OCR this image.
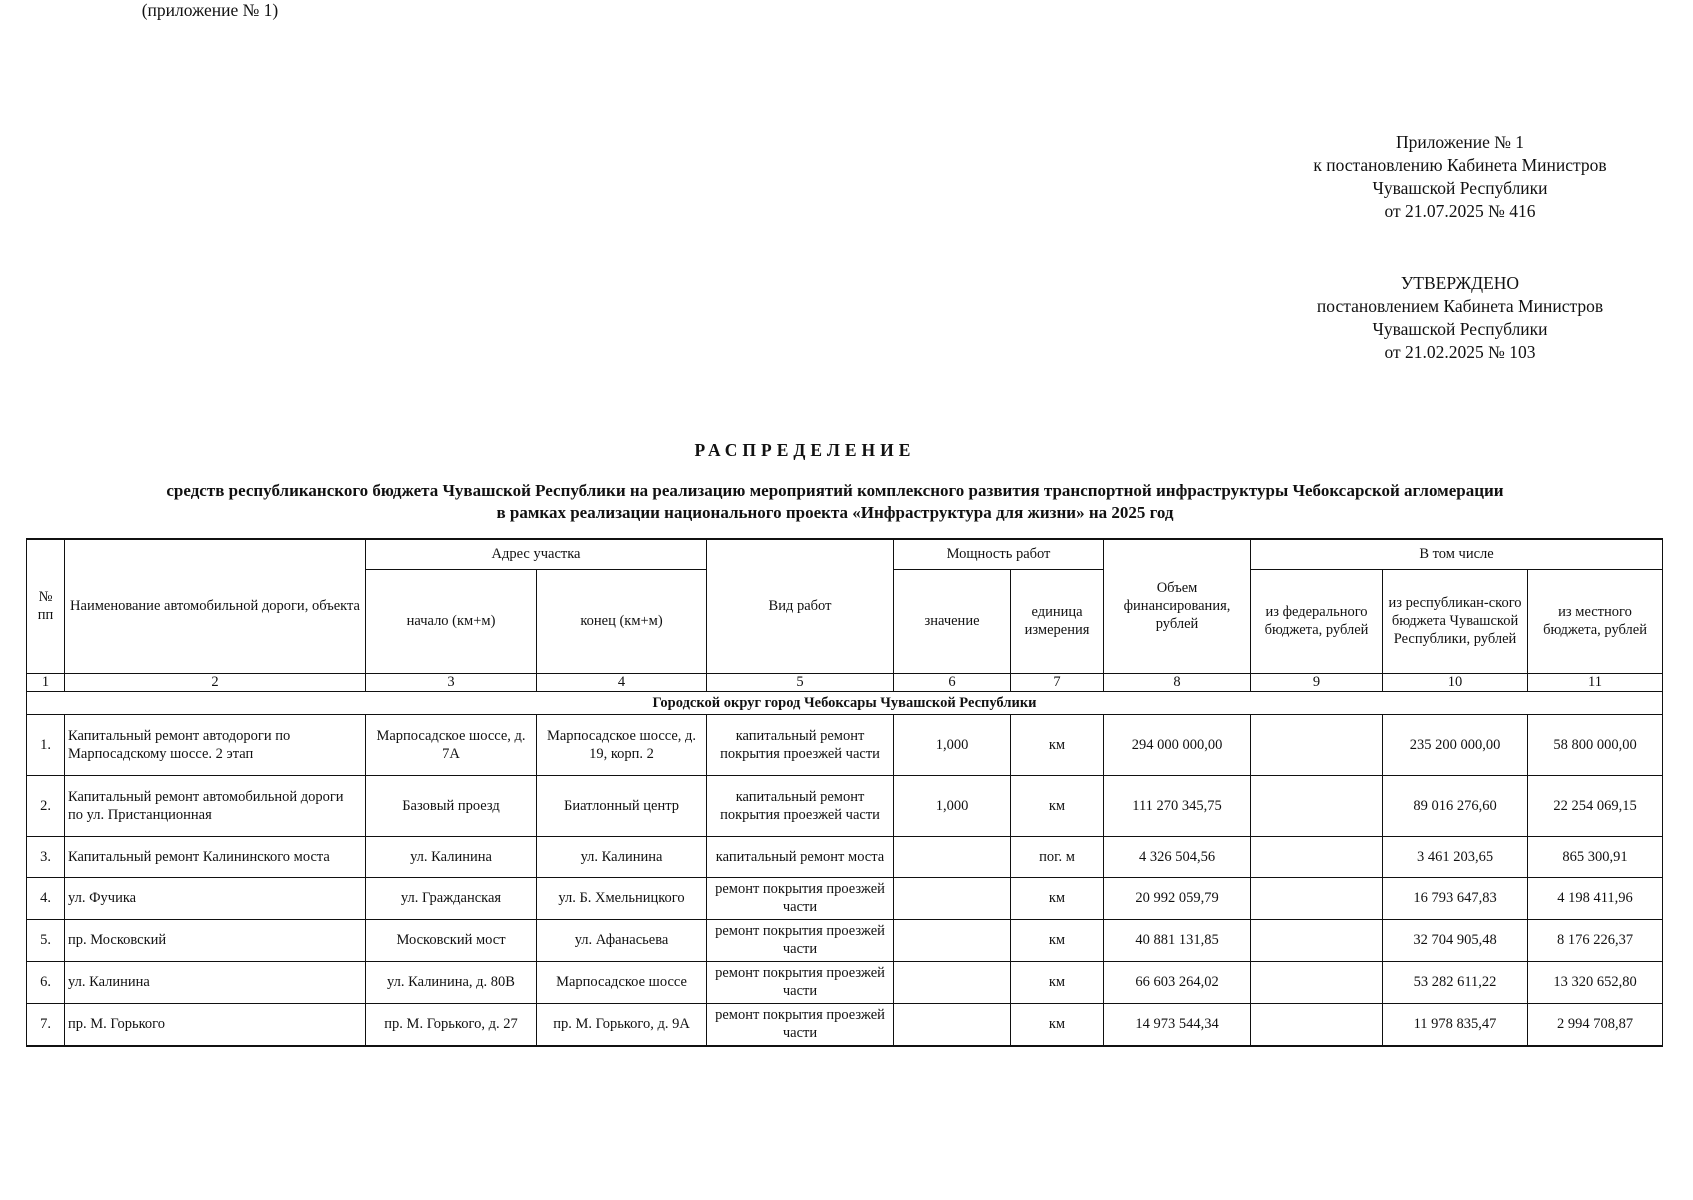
Приложение № 1
к постановлению Кабинета Министров
Чувашской Республики
от 21.07.2025 № 416
УТВЕРЖДЕНО
постановлением Кабинета Министров
Чувашской Республики
от 21.02.2025 № 103
(приложение № 1)
РАСПРЕДЕЛЕНИЕ
средств республиканского бюджета Чувашской Республики на реализацию мероприятий комплексного развития транспортной инфраструктуры Чебоксарской агломерации
в рамках реализации национального проекта «Инфраструктура для жизни» на 2025 год
№ пп	Наименование автомобильной дороги, объекта	Адрес участка		Вид работ	Мощность работ		Объем финансирования, рублей	В том числе		
		начало (км+м)	конец (км+м)		значение	единица измерения		из федерального бюджета, рублей	из республикан-ского бюджета Чувашской Республики, рублей	из местного бюджета, рублей
1	2	3	4	5	6	7	8	9	10	11
Городской округ город Чебоксары Чувашской Республики										
1.	Капитальный ремонт автодороги по Марпосадскому шоссе. 2 этап	Марпосадское шоссе, д. 7А	Марпосадское шоссе, д. 19, корп. 2	капитальный ремонт покрытия проезжей части	1,000	км	294 000 000,00		235 200 000,00	58 800 000,00
2.	Капитальный ремонт автомобильной дороги по ул. Пристанционная	Базовый проезд	Биатлонный центр	капитальный ремонт покрытия проезжей части	1,000	км	111 270 345,75		89 016 276,60	22 254 069,15
3.	Капитальный ремонт Калининского моста	ул. Калинина	ул. Калинина	капитальный ремонт моста		пог. м	4 326 504,56		3 461 203,65	865 300,91
4.	ул. Фучика	ул. Гражданская	ул. Б. Хмельницкого	ремонт покрытия проезжей части		км	20 992 059,79		16 793 647,83	4 198 411,96
5.	пр. Московский	Московский мост	ул. Афанасьева	ремонт покрытия проезжей части		км	40 881 131,85		32 704 905,48	8 176 226,37
6.	ул. Калинина	ул. Калинина, д. 80В	Марпосадское шоссе	ремонт покрытия проезжей части		км	66 603 264,02		53 282 611,22	13 320 652,80
7.	пр. М. Горького	пр. М. Горького, д. 27	пр. М. Горького, д. 9А	ремонт покрытия проезжей части		км	14 973 544,34		11 978 835,47	2 994 708,87
